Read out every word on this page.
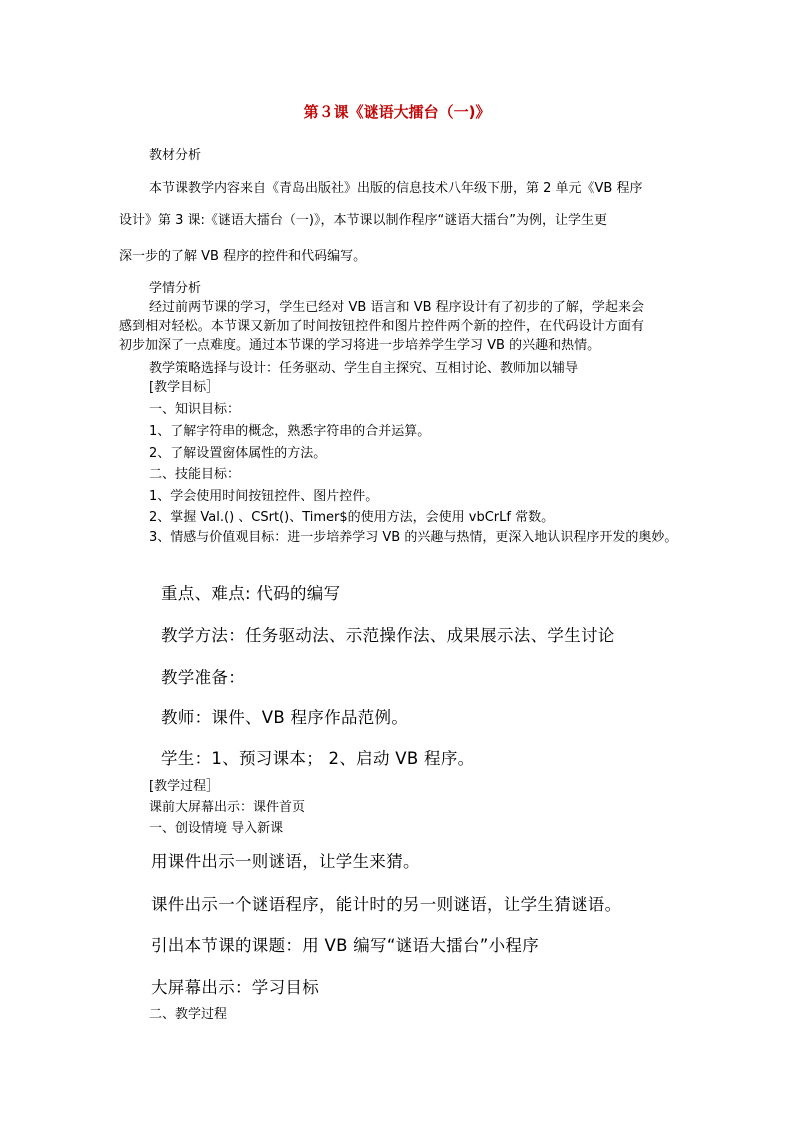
第３课《谜语大擂台（一)》
教材分析
本节课教学内容来自《青岛出版社》出版的信息技术八年级下册，第 2 单元《VB 程序
设计》第 3 课:《谜语大擂台（一)》，本节课以制作程序“谜语大擂台”为例，让学生更
深一步的了解 VB 程序的控件和代码编写。
学情分析
经过前两节课的学习，学生已经对 VB 语言和 VB 程序设计有了初步的了解，学起来会感到相对轻松。本节课又新加了时间按钮控件和图片控件两个新的控件，在代码设计方面有初步加深了一点难度。通过本节课的学习将进一步培养学生学习 VB 的兴趣和热情。
教学策略选择与设计：任务驱动、学生自主探究、互相讨论、教师加以辅导
[教学目标］
一、知识目标：
1、了解字符串的概念，熟悉字符串的合并运算。
2、了解设置窗体属性的方法。
二、技能目标：
1、学会使用时间按钮控件、图片控件。
2、掌握 Val.() 、CSrt()、Timer$的使用方法，会使用 vbCrLf 常数。
3、情感与价值观目标：进一步培养学习 VB 的兴趣与热情，更深入地认识程序开发的奥妙。
重点、难点: 代码的编写
教学方法：任务驱动法、示范操作法、成果展示法、学生讨论
教学准备：
教师：课件、VB 程序作品范例。
学生：1、预习课本； 2、启动 VB 程序。
[教学过程］
课前大屏幕出示：课件首页
一、创设情境 导入新课
用课件出示一则谜语，让学生来猜。
课件出示一个谜语程序，能计时的另一则谜语，让学生猜谜语。
引出本节课的课题：用 VB 编写“谜语大擂台”小程序
大屏幕出示：学习目标
二、教学过程
